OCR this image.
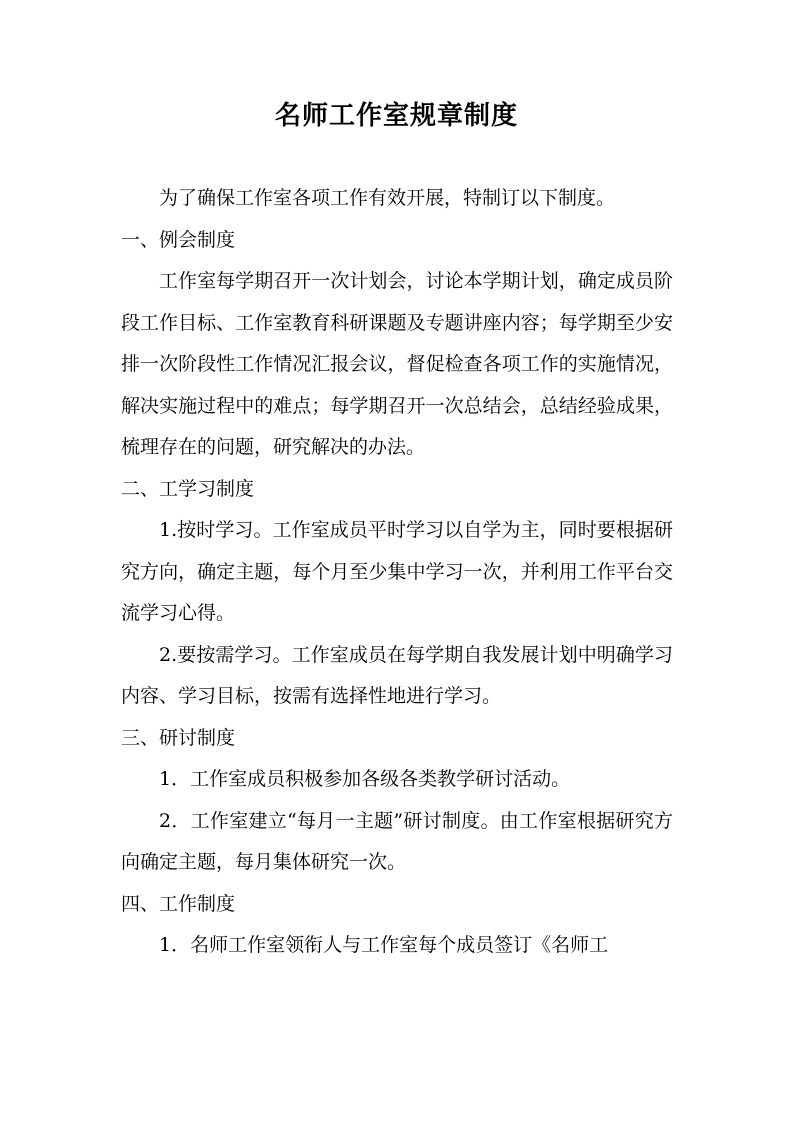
名师工作室规章制度

为了确保工作室各项工作有效开展，特制订以下制度。

一、例会制度

工作室每学期召开一次计划会，讨论本学期计划，确定成员阶段工作目标、工作室教育科研课题及专题讲座内容；每学期至少安排一次阶段性工作情况汇报会议，督促检查各项工作的实施情况，解决实施过程中的难点；每学期召开一次总结会，总结经验成果，梳理存在的问题，研究解决的办法。

二、工学习制度

1.按时学习。工作室成员平时学习以自学为主，同时要根据研究方向，确定主题，每个月至少集中学习一次，并利用工作平台交流学习心得。

2.要按需学习。工作室成员在每学期自我发展计划中明确学习内容、学习目标，按需有选择性地进行学习。

三、研讨制度

1．工作室成员积极参加各级各类教学研讨活动。

2．工作室建立“每月一主题”研讨制度。由工作室根据研究方向确定主题，每月集体研究一次。

四、工作制度

1．名师工作室领衔人与工作室每个成员签订《名师工
